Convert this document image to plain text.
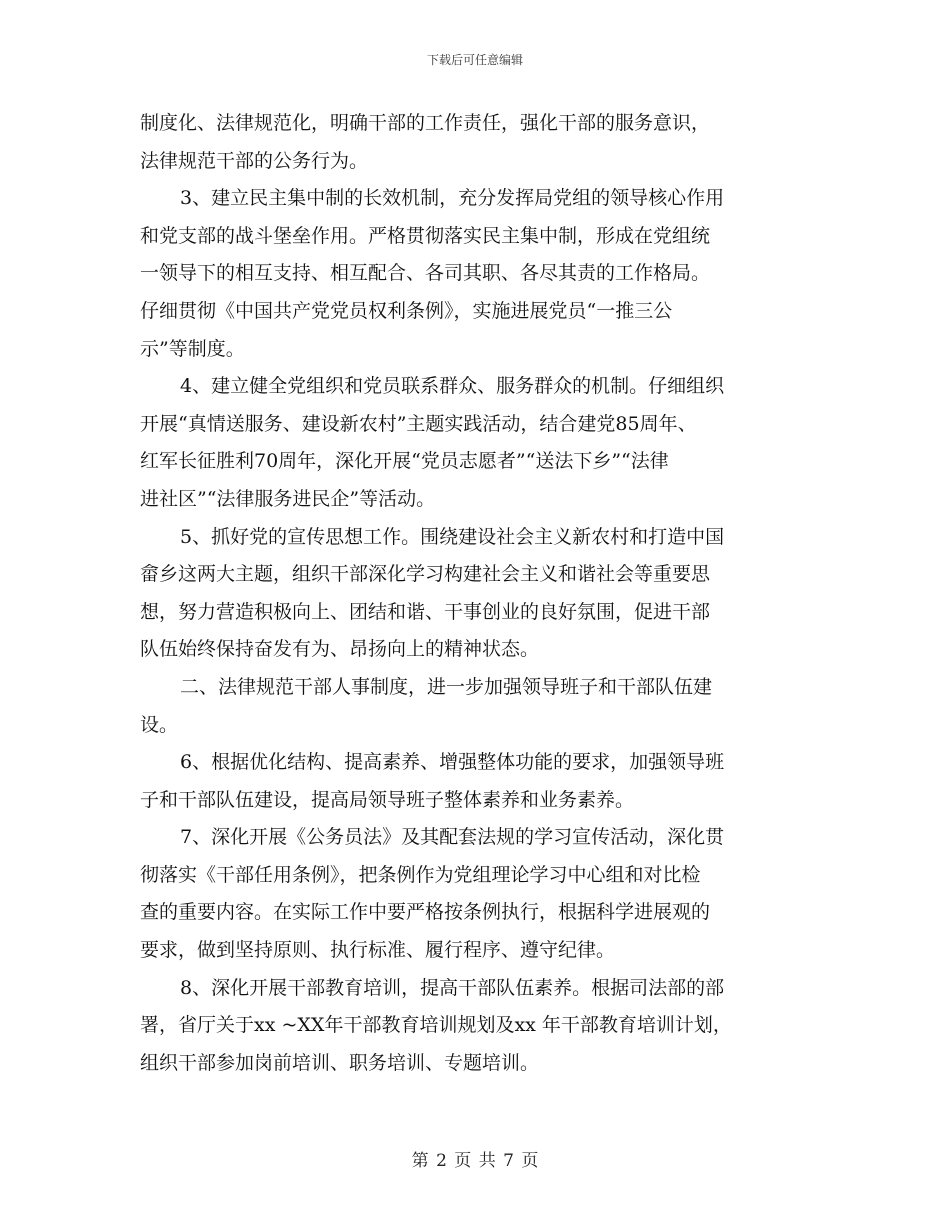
下载后可任意编辑
制度化、法律规范化，明确干部的工作责任，强化干部的服务意识，
法律规范干部的公务行为。
3、建立民主集中制的长效机制，充分发挥局党组的领导核心作用
和党支部的战斗堡垒作用。严格贯彻落实民主集中制，形成在党组统
一领导下的相互支持、相互配合、各司其职、各尽其责的工作格局。
仔细贯彻《中国共产党党员权利条例》，实施进展党员“一推三公
示”等制度。
4、建立健全党组织和党员联系群众、服务群众的机制。仔细组织
开展“真情送服务、建设新农村”主题实践活动，结合建党85周年、
红军长征胜利70周年，深化开展“党员志愿者”“送法下乡”“法律
进社区”“法律服务进民企”等活动。
5、抓好党的宣传思想工作。围绕建设社会主义新农村和打造中国
畲乡这两大主题，组织干部深化学习构建社会主义和谐社会等重要思
想，努力营造积极向上、团结和谐、干事创业的良好氛围，促进干部
队伍始终保持奋发有为、昂扬向上的精神状态。
二、法律规范干部人事制度，进一步加强领导班子和干部队伍建
设。
6、根据优化结构、提高素养、增强整体功能的要求，加强领导班
子和干部队伍建设，提高局领导班子整体素养和业务素养。
7、深化开展《公务员法》及其配套法规的学习宣传活动，深化贯
彻落实《干部任用条例》，把条例作为党组理论学习中心组和对比检
查的重要内容。在实际工作中要严格按条例执行，根据科学进展观的
要求，做到坚持原则、执行标准、履行程序、遵守纪律。
8、深化开展干部教育培训，提高干部队伍素养。根据司法部的部
署，省厅关于xx ~XX年干部教育培训规划及xx 年干部教育培训计划，
组织干部参加岗前培训、职务培训、专题培训。
第 2 页 共 7 页
